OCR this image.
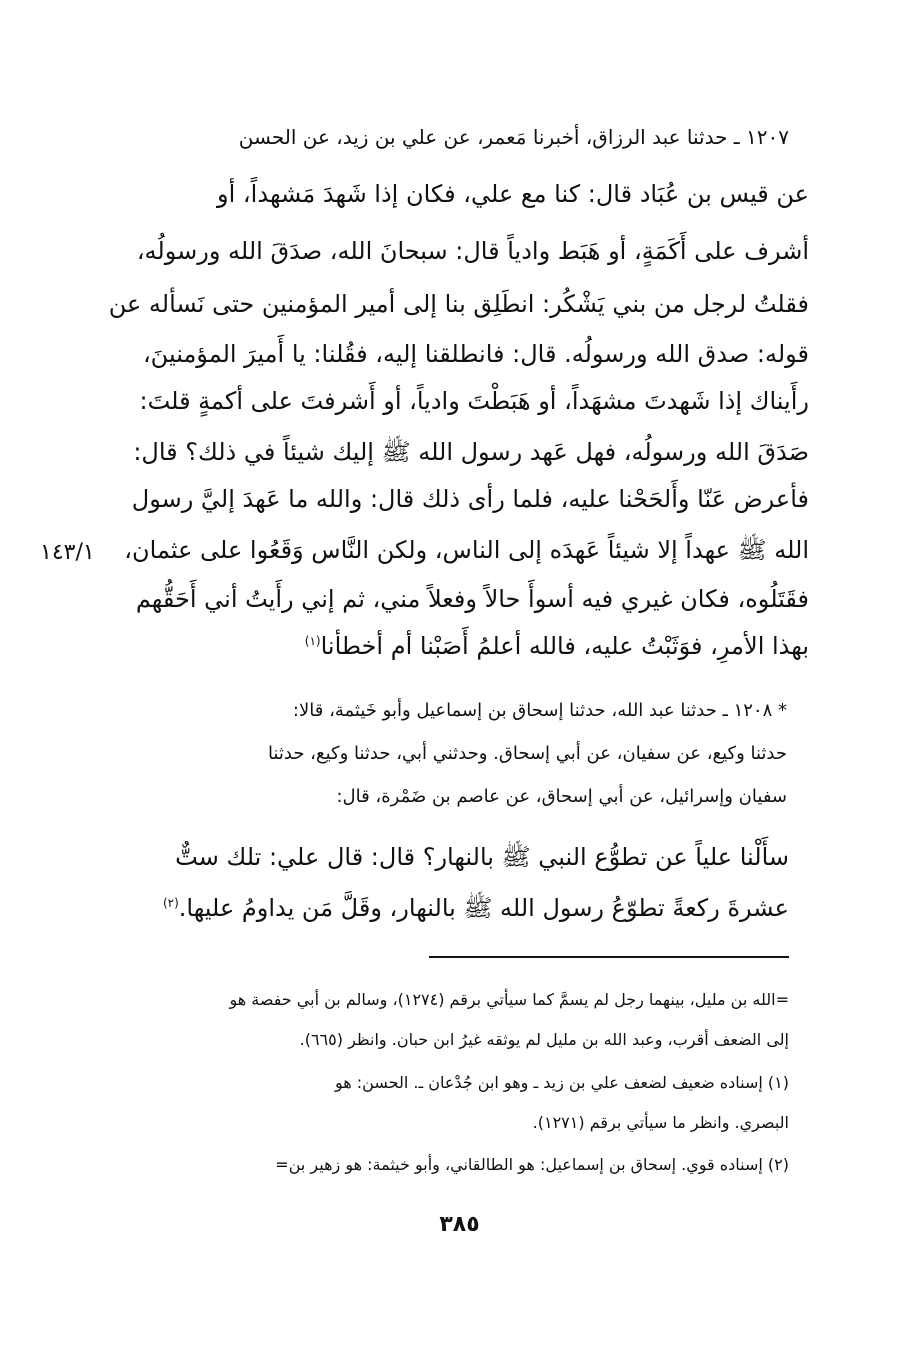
١٢٠٧ ـ حدثنا عبد الرزاق، أخبرنا مَعمر، عن علي بن زيد، عن الحسن
عن قيس بن عُبَاد قال: كنا مع علي، فكان إذا شَهدَ مَشهداً، أو
أشرف على أَكَمَةٍ، أو هَبَط وادياً قال: سبحانَ الله، صدَقَ الله ورسولُه،
فقلتُ لرجل من بني يَشْكُر: انطَلِق بنا إلى أمير المؤمنين حتى نَسأله عن
قوله: صدق الله ورسولُه. قال: فانطلقنا إليه، فقُلنا: يا أَميرَ المؤمنينَ،
رأَيناك إذا شَهدتَ مشهَداً، أو هَبَطْتَ وادياً، أو أَشرفتَ على أكمةٍ قلتَ:
صَدَقَ الله ورسولُه، فهل عَهد رسول الله ﷺ إليك شيئاً في ذلك؟ قال:
فأعرض عَنّا وأَلحَحْنا عليه، فلما رأى ذلك قال: والله ما عَهدَ إليَّ رسول
الله ﷺ عهداً إلا شيئاً عَهدَه إلى الناس، ولكن النَّاس وَقَعُوا على عثمان،
فقَتَلُوه، فكان غيري فيه أسوأَ حالاً وفعلاً مني، ثم إني رأَيتُ أني أَحَقُّهم
بهذا الأمرِ، فوَثَبْتُ عليه، فالله أعلمُ أَصَبْنا أم أخطأنا$^{(١)}$
١٤٣/١
* ١٢٠٨ ـ حدثنا عبد الله، حدثنا إسحاق بن إسماعيل وأبو خَيثمة، قالا:
حدثنا وكيع، عن سفيان، عن أبي إسحاق. وحدثني أبي، حدثنا وكيع، حدثنا
سفيان وإسرائيل، عن أبي إسحاق، عن عاصم بن ضَمْرة، قال:
سأَلْنا علياً عن تطوُّع النبي ﷺ بالنهار؟ قال: قال علي: تلك ستٌّ
عشرةَ ركعةً تطوّعُ رسول الله ﷺ بالنهار، وقَلَّ مَن يداومُ عليها.$^{(٢)}$
=الله بن مليل، بينهما رجل لم يسمَّ كما سيأتي برقم (١٢٧٤)، وسالم بن أبي حفصة هو
إلى الضعف أقرب، وعبد الله بن مليل لم يوثقه غيرُ ابن حبان. وانظر (٦٦٥).
(١) إسناده ضعيف لضعف علي بن زيد ـ وهو ابن جُدْعان ـ. الحسن: هو
البصري. وانظر ما سيأتي برقم (١٢٧١).
(٢) إسناده قوي. إسحاق بن إسماعيل: هو الطالقاني، وأبو خيثمة: هو زهير بن=
٣٨٥
